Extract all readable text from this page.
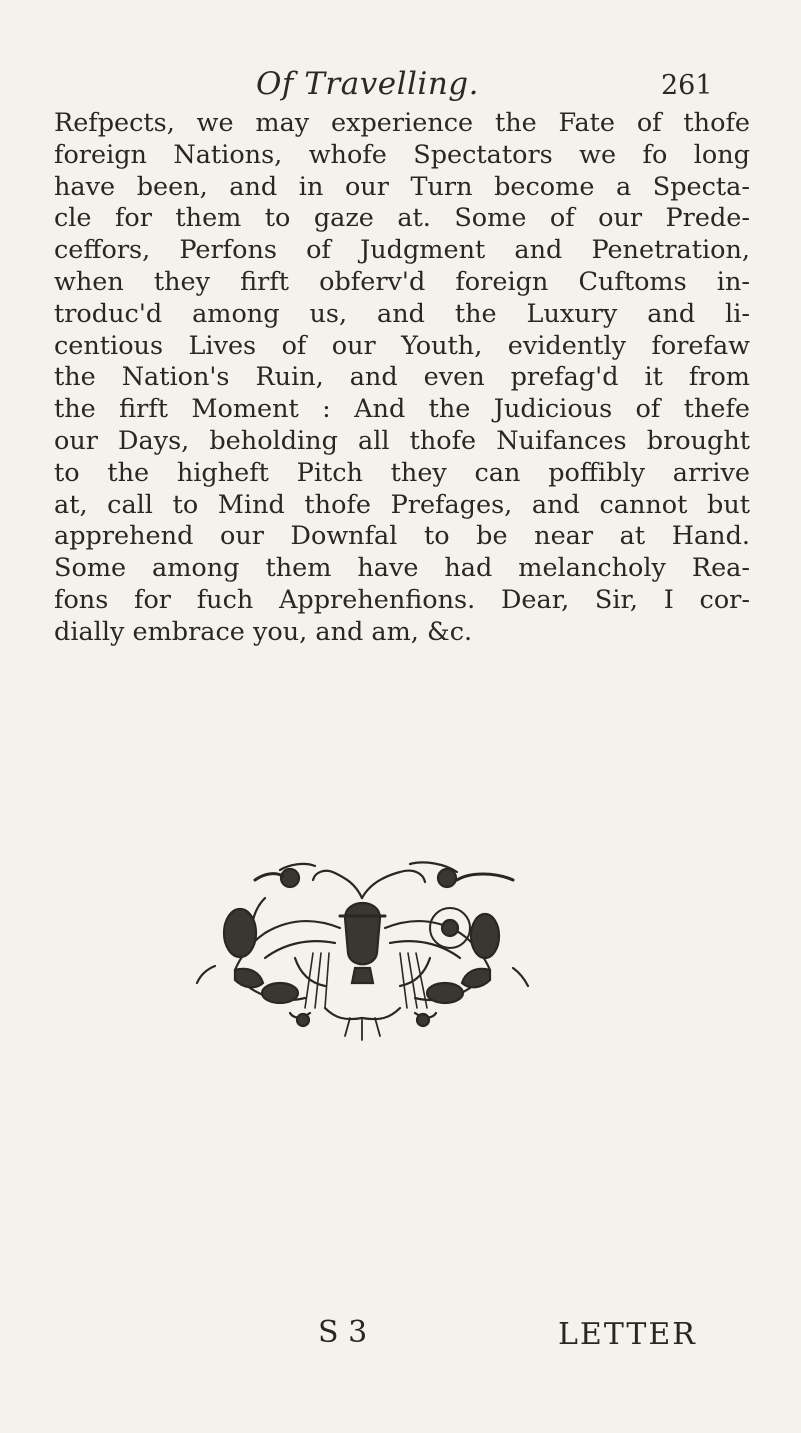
Of Travelling.	261
Refpects, we may experience the Fate of thofe
foreign Nations, whofe Spectators we fo long
have been, and in our Turn become a Specta-
cle for them to gaze at. Some of our Prede-
ceffors, Perfons of Judgment and Penetration,
when they firft obferv'd foreign Cuftoms in-
troduc'd among us, and the Luxury and li-
centious Lives of our Youth, evidently forefaw
the Nation's Ruin, and even prefag'd it from
the firft Moment : And the Judicious of thefe
our Days, beholding all thofe Nuifances brought
to the higheft Pitch they can poffibly arrive
at, call to Mind thofe Prefages, and cannot but
apprehend our Downfal to be near at Hand.
Some among them have had melancholy Rea-
fons for fuch Apprehenfions. Dear, Sir, I cor-
dially embrace you, and am, &c.
S 3	LETTER
